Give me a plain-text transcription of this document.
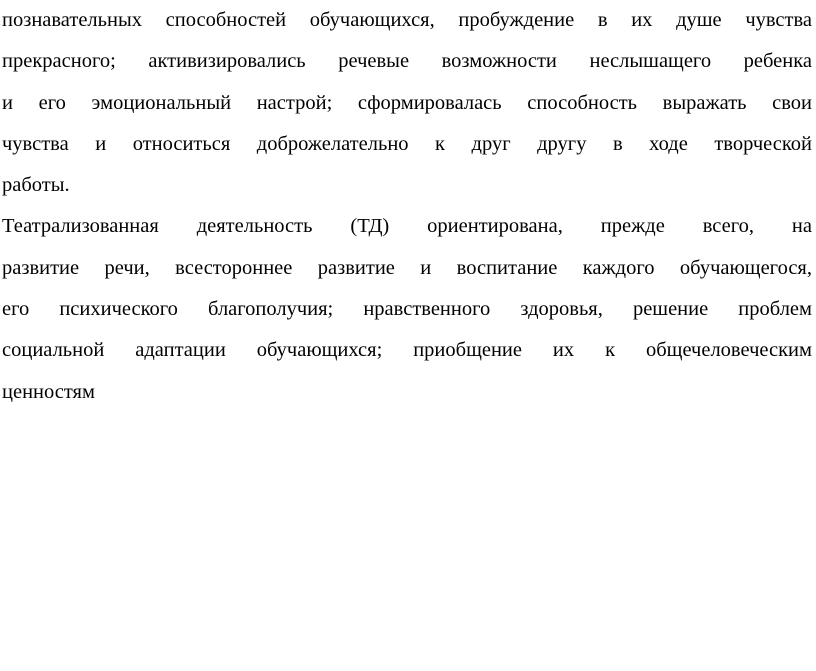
познавательных способностей обучающихся, пробуждение в их душе чувства
прекрасного; активизировались речевые возможности неслышащего ребенка
и его эмоциональный настрой; сформировалась способность выражать свои
чувства и относиться доброжелательно к друг другу в ходе творческой
работы.
Театрализованная деятельность (ТД) ориентирована, прежде всего, на
развитие речи, всестороннее развитие и воспитание каждого обучающегося,
его психического благополучия; нравственного здоровья, решение проблем
социальной адаптации обучающихся; приобщение их к общечеловеческим
ценностям
